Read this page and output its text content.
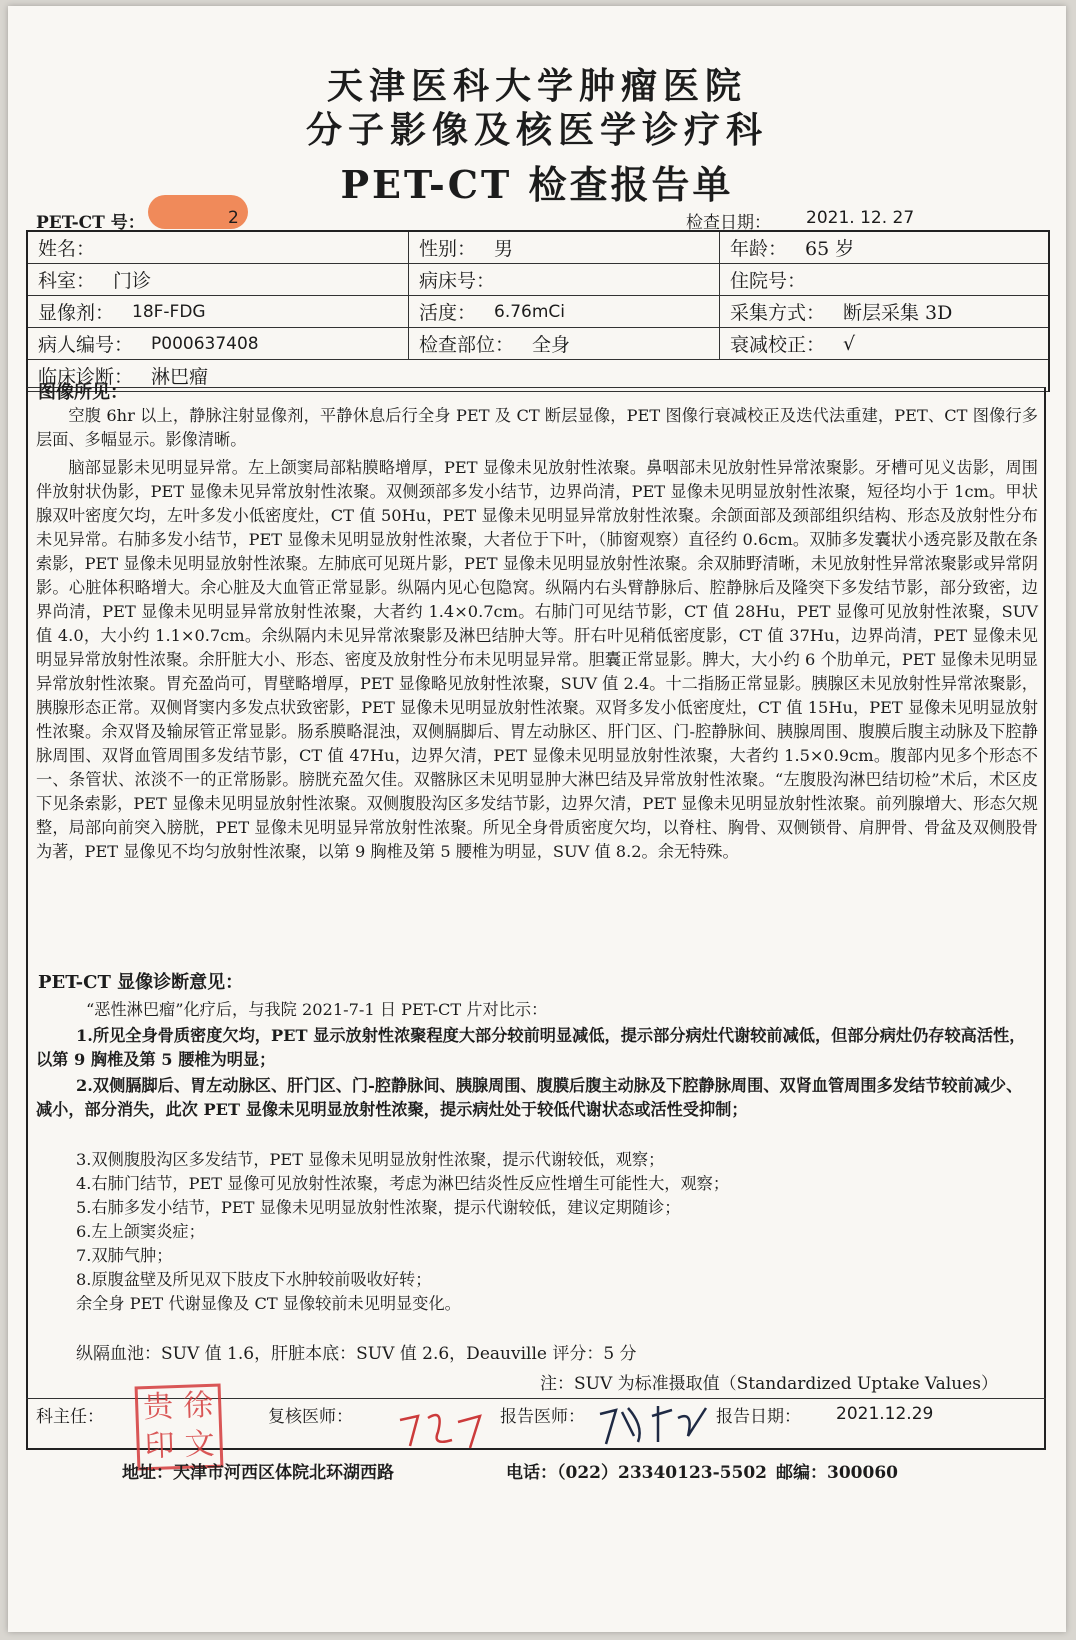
天津医科大学肿瘤医院
分子影像及核医学诊疗科
PET-CT 检查报告单
PET-CT 号：	2	检查日期： 2021. 12. 27
姓名：	性别： 男	年龄： 65 岁
科室： 门诊	病床号：	住院号：
显像剂： 18F-FDG	活度： 6.76mCi	采集方式： 断层采集 3D
病人编号： P000637408	检查部位： 全身	衰减校正： √
临床诊断： 淋巴瘤
图像所见：
空腹 6hr 以上，静脉注射显像剂，平静休息后行全身 PET 及 CT 断层显像，PET 图像行衰减校正及迭代法重建，PET、CT 图像行多层面、多幅显示。影像清晰。
脑部显影未见明显异常。左上颌窦局部粘膜略增厚，PET 显像未见放射性浓聚。鼻咽部未见放射性异常浓聚影。牙槽可见义齿影，周围伴放射状伪影，PET 显像未见异常放射性浓聚。双侧颈部多发小结节，边界尚清，PET 显像未见明显放射性浓聚，短径均小于 1cm。甲状腺双叶密度欠均，左叶多发小低密度灶，CT 值 50Hu，PET 显像未见明显异常放射性浓聚。余颌面部及颈部组织结构、形态及放射性分布未见异常。右肺多发小结节，PET 显像未见明显放射性浓聚，大者位于下叶，（肺窗观察）直径约 0.6cm。双肺多发囊状小透亮影及散在条索影，PET 显像未见明显放射性浓聚。左肺底可见斑片影，PET 显像未见明显放射性浓聚。余双肺野清晰，未见放射性异常浓聚影或异常阴影。心脏体积略增大。余心脏及大血管正常显影。纵隔内见心包隐窝。纵隔内右头臂静脉后、腔静脉后及隆突下多发结节影，部分致密，边界尚清，PET 显像未见明显异常放射性浓聚，大者约 1.4×0.7cm。右肺门可见结节影，CT 值 28Hu，PET 显像可见放射性浓聚，SUV 值 4.0，大小约 1.1×0.7cm。余纵隔内未见异常浓聚影及淋巴结肿大等。肝右叶见稍低密度影，CT 值 37Hu，边界尚清，PET 显像未见明显异常放射性浓聚。余肝脏大小、形态、密度及放射性分布未见明显异常。胆囊正常显影。脾大，大小约 6 个肋单元，PET 显像未见明显异常放射性浓聚。胃充盈尚可，胃壁略增厚，PET 显像略见放射性浓聚，SUV 值 2.4。十二指肠正常显影。胰腺区未见放射性异常浓聚影，胰腺形态正常。双侧肾窦内多发点状致密影，PET 显像未见明显放射性浓聚。双肾多发小低密度灶，CT 值 15Hu，PET 显像未见明显放射性浓聚。余双肾及输尿管正常显影。肠系膜略混浊，双侧膈脚后、胃左动脉区、肝门区、门-腔静脉间、胰腺周围、腹膜后腹主动脉及下腔静脉周围、双肾血管周围多发结节影，CT 值 47Hu，边界欠清，PET 显像未见明显放射性浓聚，大者约 1.5×0.9cm。腹部内见多个形态不一、条管状、浓淡不一的正常肠影。膀胱充盈欠佳。双髂脉区未见明显肿大淋巴结及异常放射性浓聚。“左腹股沟淋巴结切检”术后，术区皮下见条索影，PET 显像未见明显放射性浓聚。双侧腹股沟区多发结节影，边界欠清，PET 显像未见明显放射性浓聚。前列腺增大、形态欠规整，局部向前突入膀胱，PET 显像未见明显异常放射性浓聚。所见全身骨质密度欠均，以脊柱、胸骨、双侧锁骨、肩胛骨、骨盆及双侧股骨为著，PET 显像见不均匀放射性浓聚，以第 9 胸椎及第 5 腰椎为明显，SUV 值 8.2。余无特殊。
PET-CT 显像诊断意见：
“恶性淋巴瘤”化疗后，与我院 2021-7-1 日 PET-CT 片对比示：
1.所见全身骨质密度欠均，PET 显示放射性浓聚程度大部分较前明显减低，提示部分病灶代谢较前减低，但部分病灶仍存较高活性，以第 9 胸椎及第 5 腰椎为明显；
2.双侧膈脚后、胃左动脉区、肝门区、门-腔静脉间、胰腺周围、腹膜后腹主动脉及下腔静脉周围、双肾血管周围多发结节较前减少、减小，部分消失，此次 PET 显像未见明显放射性浓聚，提示病灶处于较低代谢状态或活性受抑制；
3.双侧腹股沟区多发结节，PET 显像未见明显放射性浓聚，提示代谢较低，观察；
4.右肺门结节，PET 显像可见放射性浓聚，考虑为淋巴结炎性反应性增生可能性大，观察；
5.右肺多发小结节，PET 显像未见明显放射性浓聚，提示代谢较低，建议定期随诊；
6.左上颌窦炎症；
7.双肺气肿；
8.原腹盆壁及所见双下肢皮下水肿较前吸收好转；
余全身 PET 代谢显像及 CT 显像较前未见明显变化。
纵隔血池：SUV 值 1.6，肝脏本底：SUV 值 2.6，Deauville 评分：5 分
注：SUV 为标准摄取值（Standardized Uptake Values）
科主任： 贵 徐
印 文
复核医师：	报告医师：	报告日期： 2021.12.29
地址：天津市河西区体院北环湖西路	电话：（022）23340123-5502 邮编：300060
